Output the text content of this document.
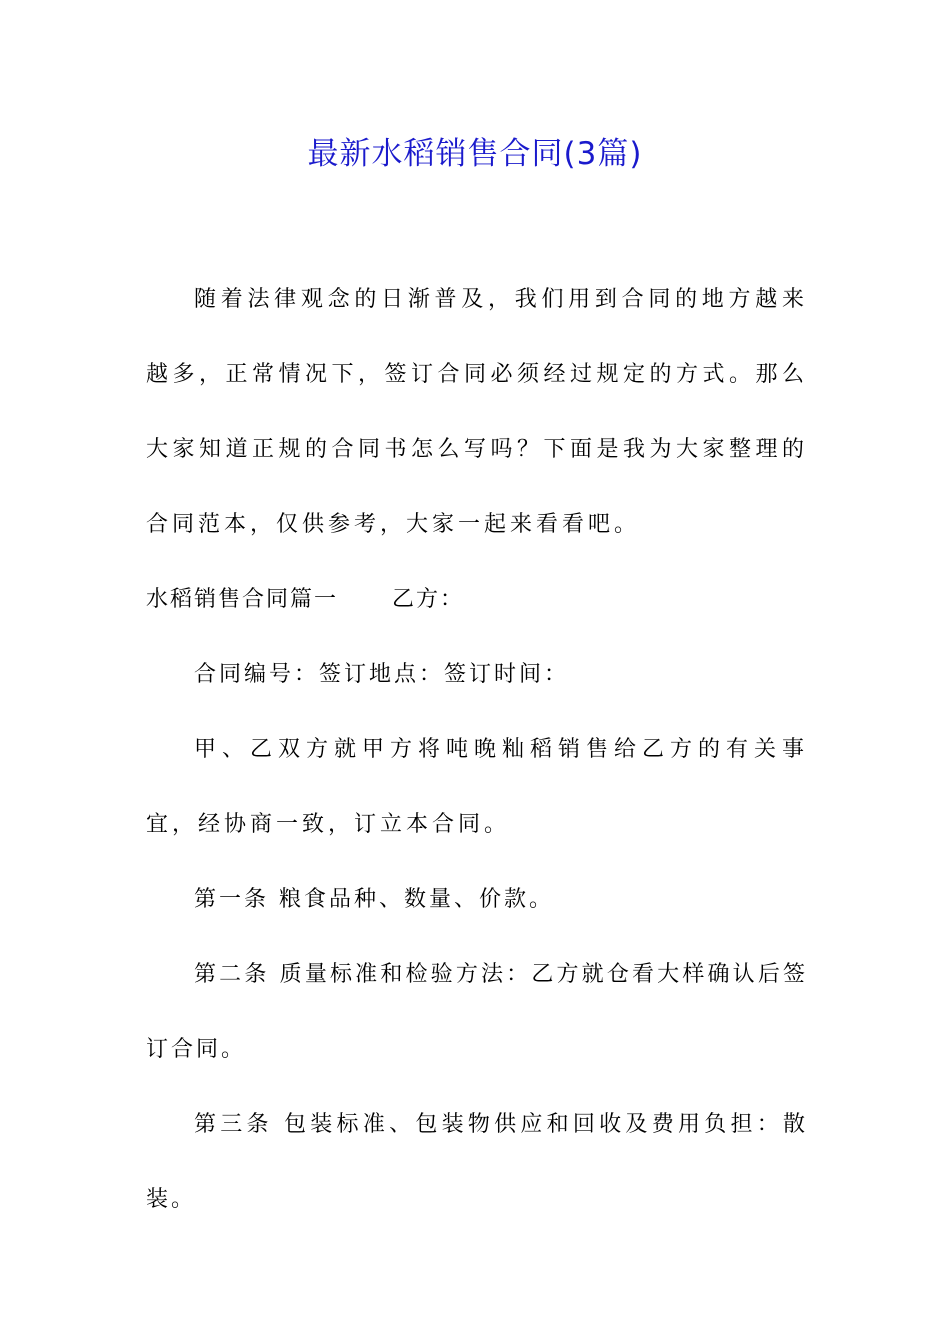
最新水稻销售合同(3篇)

随着法律观念的日渐普及，我们用到合同的地方越来越多，正常情况下，签订合同必须经过规定的方式。那么大家知道正规的合同书怎么写吗？下面是我为大家整理的合同范本，仅供参考，大家一起来看看吧。

水稻销售合同篇一 乙方：

合同编号：签订地点：签订时间：

甲、乙双方就甲方将吨晚籼稻销售给乙方的有关事宜，经协商一致，订立本合同。

第一条 粮食品种、数量、价款。

第二条 质量标准和检验方法：乙方就仓看大样确认后签订合同。

第三条 包装标准、包装物供应和回收及费用负担：散装。
